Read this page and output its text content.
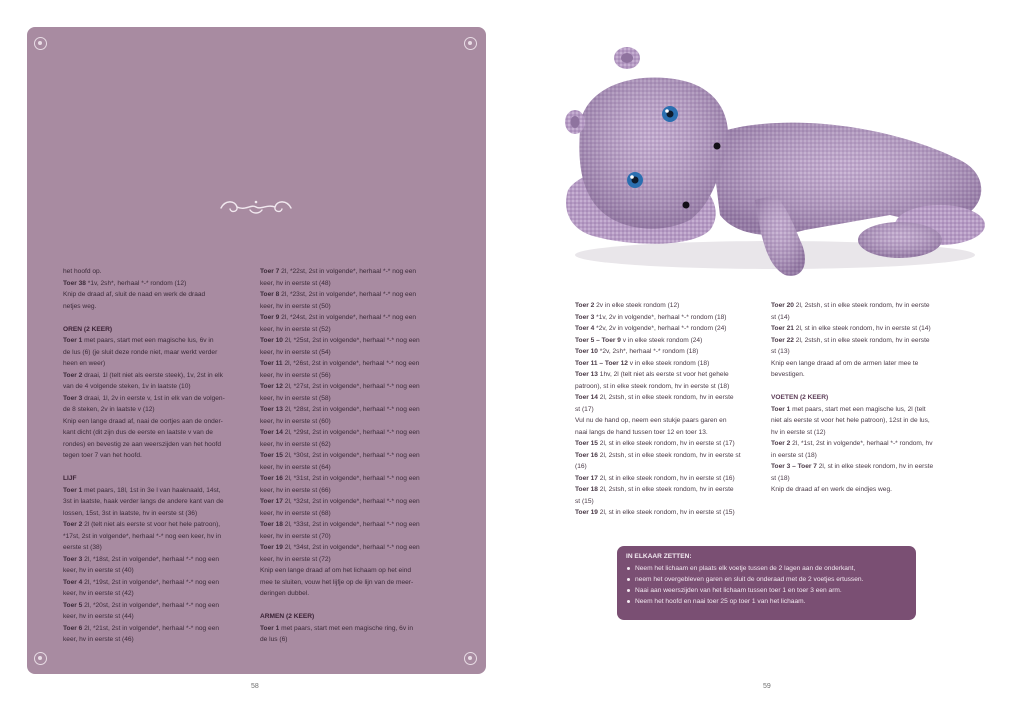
het hoofd op.
Toer 38 *1v, 2sh*, herhaal *-* rondom (12)
Knip de draad af, sluit de naad en werk de draad
netjes weg.
OREN (2 KEER)
Toer 1 met paars, start met een magische lus, 6v in
de lus (6) (je sluit deze ronde niet, maar werkt verder
heen en weer)
Toer 2 draai, 1l (telt niet als eerste steek), 1v, 2st in elk
van de 4 volgende steken, 1v in laatste (10)
Toer 3 draai, 1l, 2v in eerste v, 1st in elk van de volgen-
de 8 steken, 2v in laatste v (12)
Knip een lange draad af, naai de oortjes aan de onder-
kant dicht (dit zijn dus de eerste en laatste v van de
rondes) en bevestig ze aan weerszijden van het hoofd
tegen toer 7 van het hoofd.
LIJF
Toer 1 met paars, 18l, 1st in 3e l van haaknaald, 14st,
3st in laatste, haak verder langs de andere kant van de
lossen, 15st, 3st in laatste, hv in eerste st (36)
Toer 2 2l (telt niet als eerste st voor het hele patroon),
*17st, 2st in volgende*, herhaal *-* nog een keer, hv in
eerste st (38)
Toer 3 2l, *18st, 2st in volgende*, herhaal *-* nog een
keer, hv in eerste st (40)
Toer 4 2l, *19st, 2st in volgende*, herhaal *-* nog een
keer, hv in eerste st (42)
Toer 5 2l, *20st, 2st in volgende*, herhaal *-* nog een
keer, hv in eerste st (44)
Toer 6 2l, *21st, 2st in volgende*, herhaal *-* nog een
keer, hv in eerste st (46)
Toer 7 2l, *22st, 2st in volgende*, herhaal *-* nog een
keer, hv in eerste st (48)
Toer 8 2l, *23st, 2st in volgende*, herhaal *-* nog een
keer, hv in eerste st (50)
Toer 9 2l, *24st, 2st in volgende*, herhaal *-* nog een
keer, hv in eerste st (52)
Toer 10 2l, *25st, 2st in volgende*, herhaal *-* nog een
keer, hv in eerste st (54)
Toer 11 2l, *26st, 2st in volgende*, herhaal *-* nog een
keer, hv in eerste st (56)
Toer 12 2l, *27st, 2st in volgende*, herhaal *-* nog een
keer, hv in eerste st (58)
Toer 13 2l, *28st, 2st in volgende*, herhaal *-* nog een
keer, hv in eerste st (60)
Toer 14 2l, *29st, 2st in volgende*, herhaal *-* nog een
keer, hv in eerste st (62)
Toer 15 2l, *30st, 2st in volgende*, herhaal *-* nog een
keer, hv in eerste st (64)
Toer 16 2l, *31st, 2st in volgende*, herhaal *-* nog een
keer, hv in eerste st (66)
Toer 17 2l, *32st, 2st in volgende*, herhaal *-* nog een
keer, hv in eerste st (68)
Toer 18 2l, *33st, 2st in volgende*, herhaal *-* nog een
keer, hv in eerste st (70)
Toer 19 2l, *34st, 2st in volgende*, herhaal *-* nog een
keer, hv in eerste st (72)
Knip een lange draad af om het lichaam op het eind
mee te sluiten, vouw het lijfje op de lijn van de meer-
deringen dubbel.
ARMEN (2 KEER)
Toer 1 met paars, start met een magische ring, 6v in
de lus (6)
58
Toer 2 2v in elke steek rondom (12)
Toer 3 *1v, 2v in volgende*, herhaal *-* rondom (18)
Toer 4 *2v, 2v in volgende*, herhaal *-* rondom (24)
Toer 5 – Toer 9 v in elke steek rondom (24)
Toer 10 *2v, 2sh*, herhaal *-* rondom (18)
Toer 11 – Toer 12 v in elke steek rondom (18)
Toer 13 1hv, 2l (telt niet als eerste st voor het gehele
patroon), st in elke steek rondom, hv in eerste st (18)
Toer 14 2l, 2stsh, st in elke steek rondom, hv in eerste
st (17)
Vul nu de hand op, neem een stukje paars garen en
naai langs de hand tussen toer 12 en toer 13.
Toer 15 2l, st in elke steek rondom, hv in eerste st (17)
Toer 16 2l, 2stsh, st in elke steek rondom, hv in eerste st
(16)
Toer 17 2l, st in elke steek rondom, hv in eerste st (16)
Toer 18 2l, 2stsh, st in elke steek rondom, hv in eerste
st (15)
Toer 19 2l, st in elke steek rondom, hv in eerste st (15)
Toer 20 2l, 2stsh, st in elke steek rondom, hv in eerste
st (14)
Toer 21 2l, st in elke steek rondom, hv in eerste st (14)
Toer 22 2l, 2stsh, st in elke steek rondom, hv in eerste
st (13)
Knip een lange draad af om de armen later mee te
bevestigen.
VOETEN (2 KEER)
Toer 1 met paars, start met een magische lus, 2l (telt
niet als eerste st voor het hele patroon), 12st in de lus,
hv in eerste st (12)
Toer 2 2l, *1st, 2st in volgende*, herhaal *-* rondom, hv
in eerste st (18)
Toer 3 – Toer 7 2l, st in elke steek rondom, hv in eerste
st (18)
Knip de draad af en werk de eindjes weg.
IN ELKAAR ZETTEN:
Neem het lichaam en plaats elk voetje tussen de 2 lagen aan de onderkant,
neem het overgebleven garen en sluit de onderaad met de 2 voetjes ertussen.
Naai aan weerszijden van het lichaam tussen toer 1 en toer 3 een arm.
Neem het hoofd en naai toer 25 op toer 1 van het lichaam.
59
